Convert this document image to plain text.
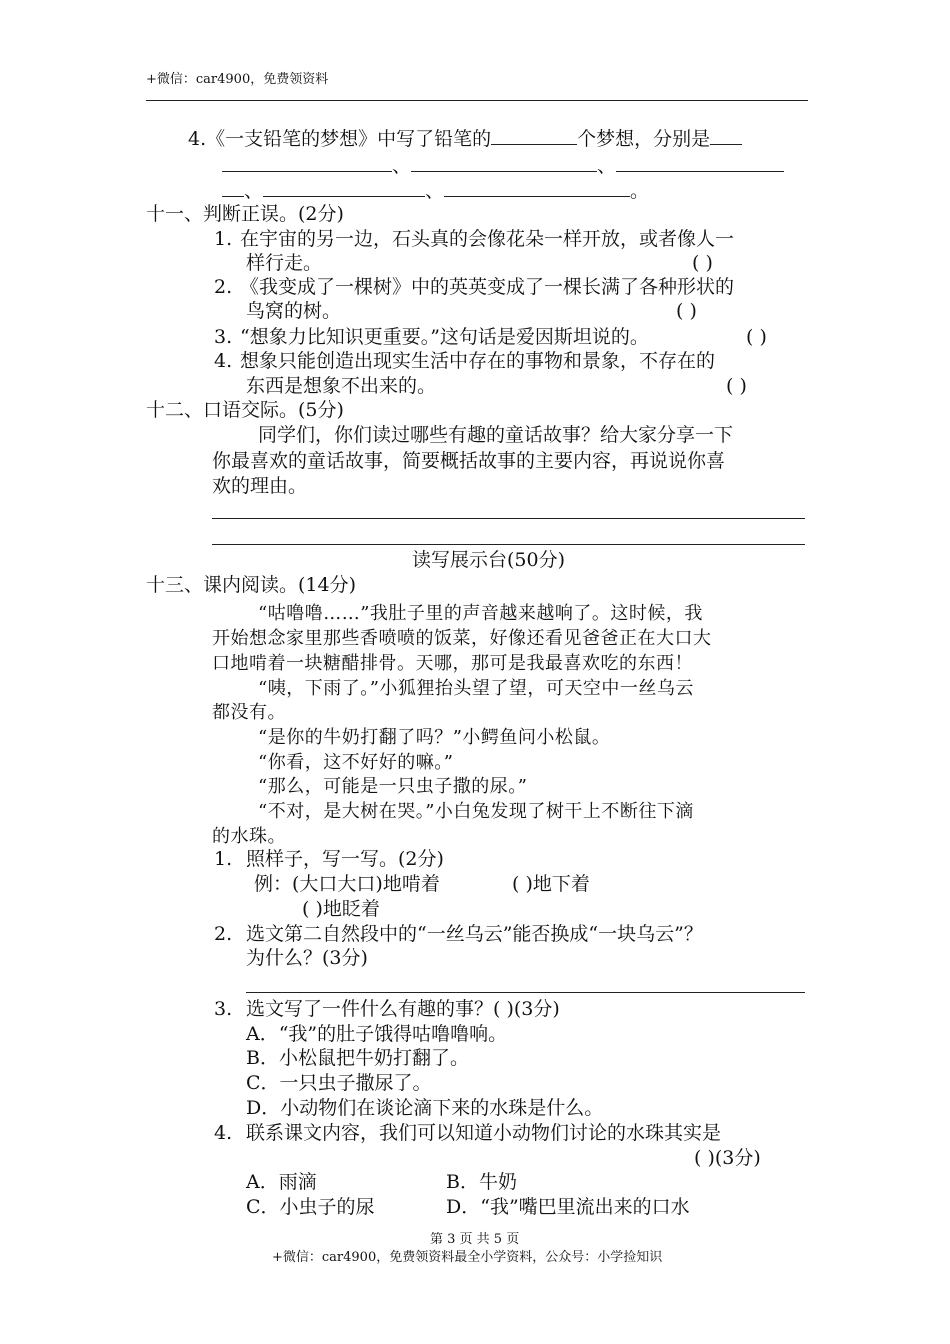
+微信：car4900，免费领资料
4.《一支铅笔的梦想》中写了铅笔的	个梦想，分别是
、	、
、	、	。
十一、判断正误。(2分)
1. 在宇宙的另一边，石头真的会像花朵一样开放，或者像人一
样行走。	( )
2. 《我变成了一棵树》中的英英变成了一棵长满了各种形状的
鸟窝的树。	( )
3. “想象力比知识更重要。”这句话是爱因斯坦说的。	( )
4. 想象只能创造出现实生活中存在的事物和景象，不存在的
东西是想象不出来的。	( )
十二、口语交际。(5分)
同学们，你们读过哪些有趣的童话故事？给大家分享一下
你最喜欢的童话故事，简要概括故事的主要内容，再说说你喜
欢的理由。
读写展示台(50分)
十三、课内阅读。(14分)
“咕噜噜……”我肚子里的声音越来越响了。这时候，我
开始想念家里那些香喷喷的饭菜，好像还看见爸爸正在大口大
口地啃着一块糖醋排骨。天哪，那可是我最喜欢吃的东西！
“咦，下雨了。”小狐狸抬头望了望，可天空中一丝乌云
都没有。
“是你的牛奶打翻了吗？”小鳄鱼问小松鼠。
“你看，这不好好的嘛。”
“那么，可能是一只虫子撒的尿。”
“不对，是大树在哭。”小白兔发现了树干上不断往下滴
的水珠。
1. 照样子，写一写。(2分)
例：(大口大口)地啃着	( )地下着
( )地眨着
2. 选文第二自然段中的“一丝乌云”能否换成“一块乌云”？
为什么？(3分)
3. 选文写了一件什么有趣的事？( )(3分)
A．“我”的肚子饿得咕噜噜响。
B．小松鼠把牛奶打翻了。
C．一只虫子撒尿了。
D．小动物们在谈论滴下来的水珠是什么。
4. 联系课文内容，我们可以知道小动物们讨论的水珠其实是
( )(3分)
A．雨滴	B．牛奶
C．小虫子的尿	D．“我”嘴巴里流出来的口水
第 3 页 共 5 页
+微信：car4900，免费领资料最全小学资料，公众号：小学捡知识
